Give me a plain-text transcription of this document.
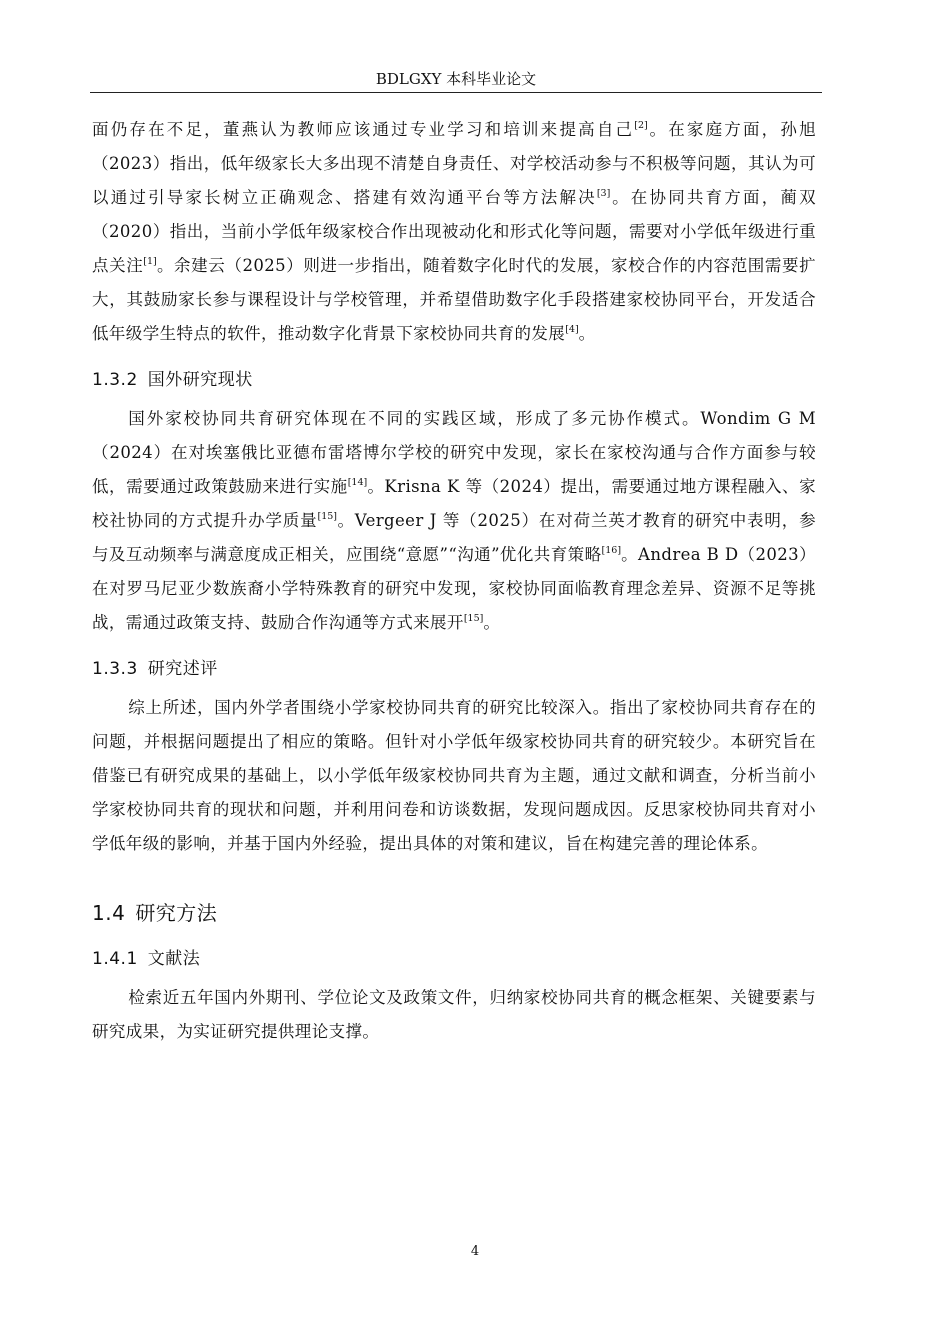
BDLGXY 本科毕业论文

面仍存在不足，董燕认为教师应该通过专业学习和培训来提高自己[2]。在家庭方面，孙旭（2023）指出，低年级家长大多出现不清楚自身责任、对学校活动参与不积极等问题，其认为可以通过引导家长树立正确观念、搭建有效沟通平台等方法解决[3]。在协同共育方面，蔺双（2020）指出，当前小学低年级家校合作出现被动化和形式化等问题，需要对小学低年级进行重点关注[1]。余建云（2025）则进一步指出，随着数字化时代的发展，家校合作的内容范围需要扩大，其鼓励家长参与课程设计与学校管理，并希望借助数字化手段搭建家校协同平台，开发适合低年级学生特点的软件，推动数字化背景下家校协同共育的发展[4]。

1.3.2 国外研究现状

国外家校协同共育研究体现在不同的实践区域，形成了多元协作模式。Wondim G M（2024）在对埃塞俄比亚德布雷塔博尔学校的研究中发现，家长在家校沟通与合作方面参与较低，需要通过政策鼓励来进行实施[14]。Krisna K 等（2024）提出，需要通过地方课程融入、家校社协同的方式提升办学质量[15]。Vergeer J 等（2025）在对荷兰英才教育的研究中表明，参与及互动频率与满意度成正相关，应围绕“意愿”“沟通”优化共育策略[16]。Andrea B D（2023）在对罗马尼亚少数族裔小学特殊教育的研究中发现，家校协同面临教育理念差异、资源不足等挑战，需通过政策支持、鼓励合作沟通等方式来展开[15]。

1.3.3 研究述评

综上所述，国内外学者围绕小学家校协同共育的研究比较深入。指出了家校协同共育存在的问题，并根据问题提出了相应的策略。但针对小学低年级家校协同共育的研究较少。本研究旨在借鉴已有研究成果的基础上，以小学低年级家校协同共育为主题，通过文献和调查，分析当前小学家校协同共育的现状和问题，并利用问卷和访谈数据，发现问题成因。反思家校协同共育对小学低年级的影响，并基于国内外经验，提出具体的对策和建议，旨在构建完善的理论体系。

1.4 研究方法
1.4.1 文献法

检索近五年国内外期刊、学位论文及政策文件，归纳家校协同共育的概念框架、关键要素与研究成果，为实证研究提供理论支撑。

4
